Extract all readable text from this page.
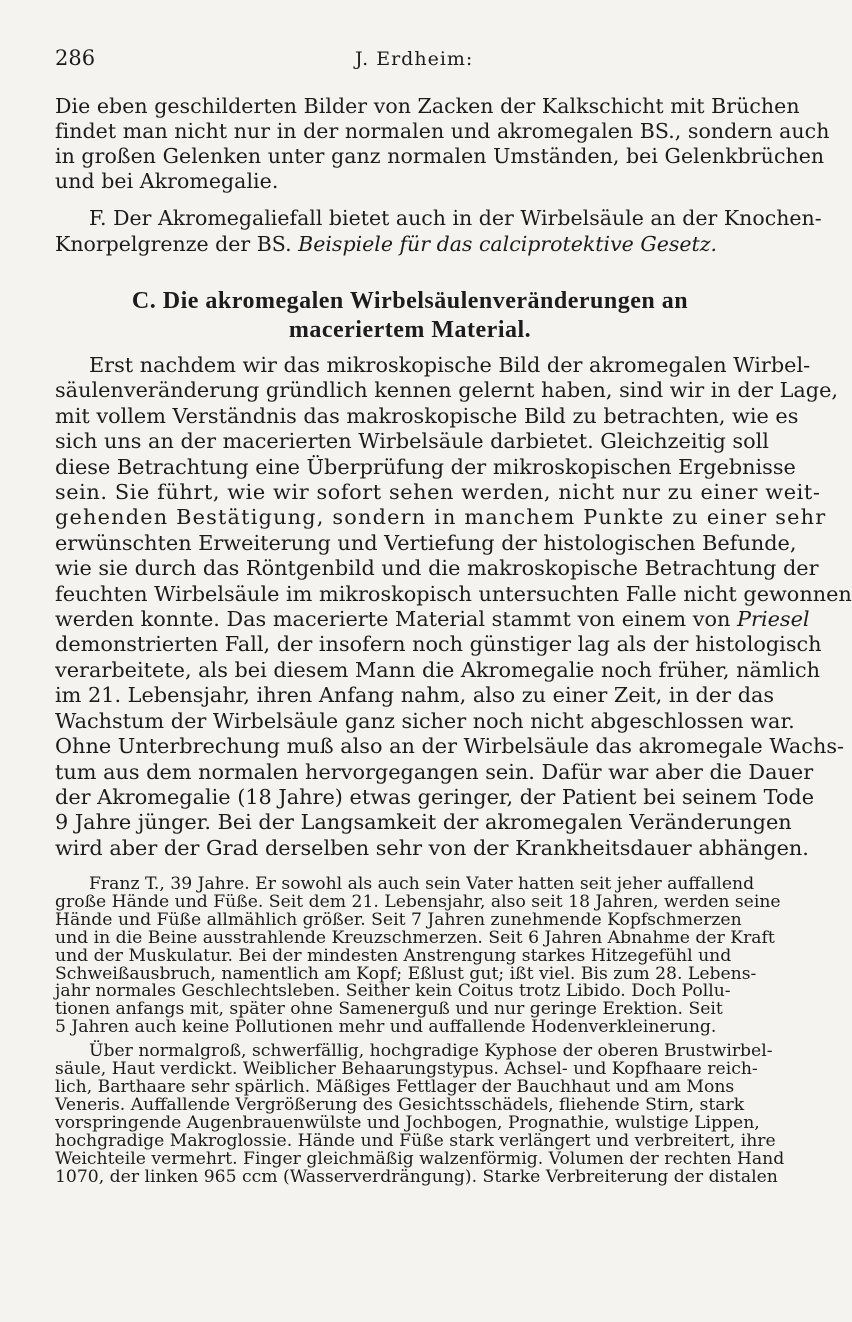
286	J. Erdheim:
Die eben geschilderten Bilder von Zacken der Kalkschicht mit Brüchen
findet man nicht nur in der normalen und akromegalen BS., sondern auch
in großen Gelenken unter ganz normalen Umständen, bei Gelenkbrüchen
und bei Akromegalie.
F. Der Akromegaliefall bietet auch in der Wirbelsäule an der Knochen-
Knorpelgrenze der BS. Beispiele für das calciprotektive Gesetz.
C. Die akromegalen Wirbelsäulenveränderungen an
maceriertem Material.
Erst nachdem wir das mikroskopische Bild der akromegalen Wirbel-
säulenveränderung gründlich kennen gelernt haben, sind wir in der Lage,
mit vollem Verständnis das makroskopische Bild zu betrachten, wie es
sich uns an der macerierten Wirbelsäule darbietet. Gleichzeitig soll
diese Betrachtung eine Überprüfung der mikroskopischen Ergebnisse
sein. Sie führt, wie wir sofort sehen werden, nicht nur zu einer weit-
gehenden Bestätigung, sondern in manchem Punkte zu einer sehr
erwünschten Erweiterung und Vertiefung der histologischen Befunde,
wie sie durch das Röntgenbild und die makroskopische Betrachtung der
feuchten Wirbelsäule im mikroskopisch untersuchten Falle nicht gewonnen
werden konnte. Das macerierte Material stammt von einem von Priesel
demonstrierten Fall, der insofern noch günstiger lag als der histologisch
verarbeitete, als bei diesem Mann die Akromegalie noch früher, nämlich
im 21. Lebensjahr, ihren Anfang nahm, also zu einer Zeit, in der das
Wachstum der Wirbelsäule ganz sicher noch nicht abgeschlossen war.
Ohne Unterbrechung muß also an der Wirbelsäule das akromegale Wachs-
tum aus dem normalen hervorgegangen sein. Dafür war aber die Dauer
der Akromegalie (18 Jahre) etwas geringer, der Patient bei seinem Tode
9 Jahre jünger. Bei der Langsamkeit der akromegalen Veränderungen
wird aber der Grad derselben sehr von der Krankheitsdauer abhängen.
Franz T., 39 Jahre. Er sowohl als auch sein Vater hatten seit jeher auffallend
große Hände und Füße. Seit dem 21. Lebensjahr, also seit 18 Jahren, werden seine
Hände und Füße allmählich größer. Seit 7 Jahren zunehmende Kopfschmerzen
und in die Beine ausstrahlende Kreuzschmerzen. Seit 6 Jahren Abnahme der Kraft
und der Muskulatur. Bei der mindesten Anstrengung starkes Hitzegefühl und
Schweißausbruch, namentlich am Kopf; Eßlust gut; ißt viel. Bis zum 28. Lebens-
jahr normales Geschlechtsleben. Seither kein Coitus trotz Libido. Doch Pollu-
tionen anfangs mit, später ohne Samenerguß und nur geringe Erektion. Seit
5 Jahren auch keine Pollutionen mehr und auffallende Hodenverkleinerung.
Über normalgroß, schwerfällig, hochgradige Kyphose der oberen Brustwirbel-
säule, Haut verdickt. Weiblicher Behaarungstypus. Achsel- und Kopfhaare reich-
lich, Barthaare sehr spärlich. Mäßiges Fettlager der Bauchhaut und am Mons
Veneris. Auffallende Vergrößerung des Gesichtsschädels, fliehende Stirn, stark
vorspringende Augenbrauenwülste und Jochbogen, Prognathie, wulstige Lippen,
hochgradige Makroglossie. Hände und Füße stark verlängert und verbreitert, ihre
Weichteile vermehrt. Finger gleichmäßig walzenförmig. Volumen der rechten Hand
1070, der linken 965 ccm (Wasserverdrängung). Starke Verbreiterung der distalen
